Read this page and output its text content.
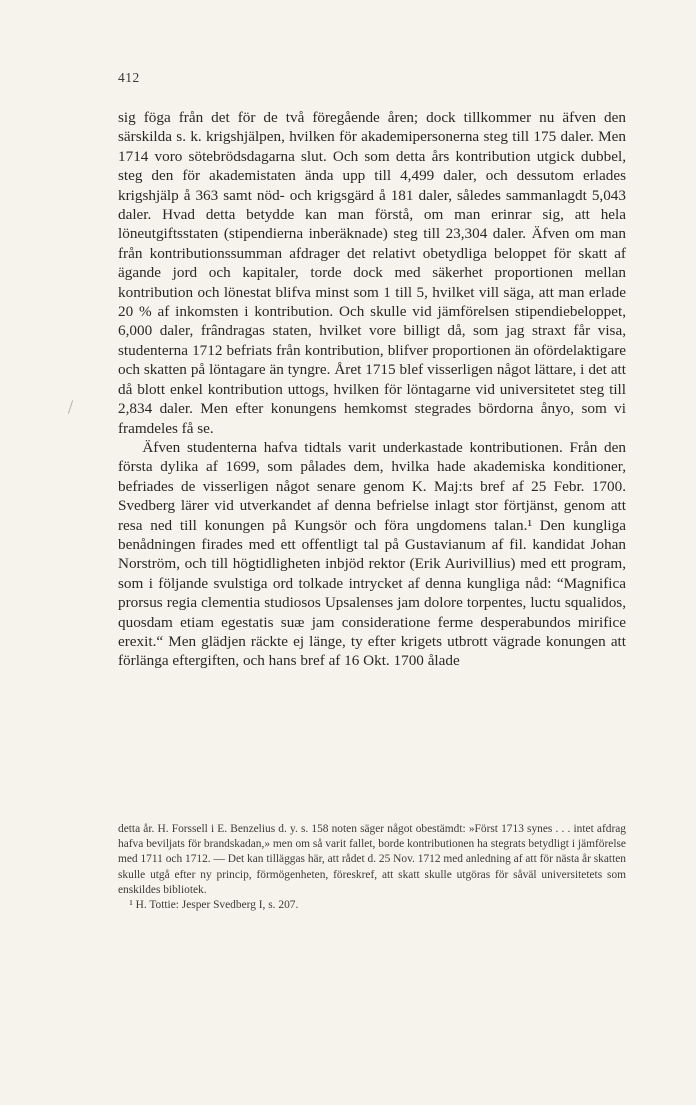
412

sig föga från det för de två föregående åren; dock tillkommer nu äfven den särskilda s. k. krigshjälpen, hvilken för akademipersonerna steg till 175 daler. Men 1714 voro sötebrödsdagarna slut. Och som detta års kontribution utgick dubbel, steg den för akademistaten ända upp till 4,499 daler, och dessutom erlades krigshjälp å 363 samt nöd- och krigsgärd å 181 daler, således sammanlagdt 5,043 daler. Hvad detta betydde kan man förstå, om man erinrar sig, att hela löneutgiftsstaten (stipendierna inberäknade) steg till 23,304 daler. Äfven om man från kontributionssumman afdrager det relativt obetydliga beloppet för skatt af ägande jord och kapitaler, torde dock med säkerhet proportionen mellan kontribution och lönestat blifva minst som 1 till 5, hvilket vill säga, att man erlade 20 % af inkomsten i kontribution. Och skulle vid jämförelsen stipendiebeloppet, 6,000 daler, frândragas staten, hvilket vore billigt då, som jag straxt får visa, studenterna 1712 befriats från kontribution, blifver proportionen än ofördelaktigare och skatten på löntagare än tyngre. Året 1715 blef visserligen något lättare, i det att då blott enkel kontribution uttogs, hvilken för löntagarne vid universitetet steg till 2,834 daler. Men efter konungens hemkomst stegrades bördorna ånyo, som vi framdeles få se.

Äfven studenterna hafva tidtals varit underkastade kontributionen. Från den första dylika af 1699, som pålades dem, hvilka hade akademiska konditioner, befriades de visserligen något senare genom K. Maj:ts bref af 25 Febr. 1700. Svedberg lärer vid utverkandet af denna befrielse inlagt stor förtjänst, genom att resa ned till konungen på Kungsör och föra ungdomens talan.¹ Den kungliga benådningen firades med ett offentligt tal på Gustavianum af fil. kandidat Johan Norström, och till högtidligheten inbjöd rektor (Erik Aurivillius) med ett program, som i följande svulstiga ord tolkade intrycket af denna kungliga nåd: “Magnifica prorsus regia clementia studiosos Upsalenses jam dolore torpentes, luctu squalidos, quosdam etiam egestatis suæ jam consideratione ferme desperabundos mirifice erexit.“ Men glädjen räckte ej länge, ty efter krigets utbrott vägrade konungen att förlänga eftergiften, och hans bref af 16 Okt. 1700 ålade

detta år. H. Forssell i E. Benzelius d. y. s. 158 noten säger något obestämdt: »Först 1713 synes . . . intet afdrag hafva beviljats för brandskadan,» men om så varit fallet, borde kontributionen ha stegrats betydligt i jämförelse med 1711 och 1712. — Det kan tilläggas här, att rådet d. 25 Nov. 1712 med anledning af att för nästa år skatten skulle utgå efter ny princip, förmögenheten, föreskref, att skatt skulle utgöras för såväl universitetets som enskildes bibliotek.

¹ H. Tottie: Jesper Svedberg I, s. 207.
